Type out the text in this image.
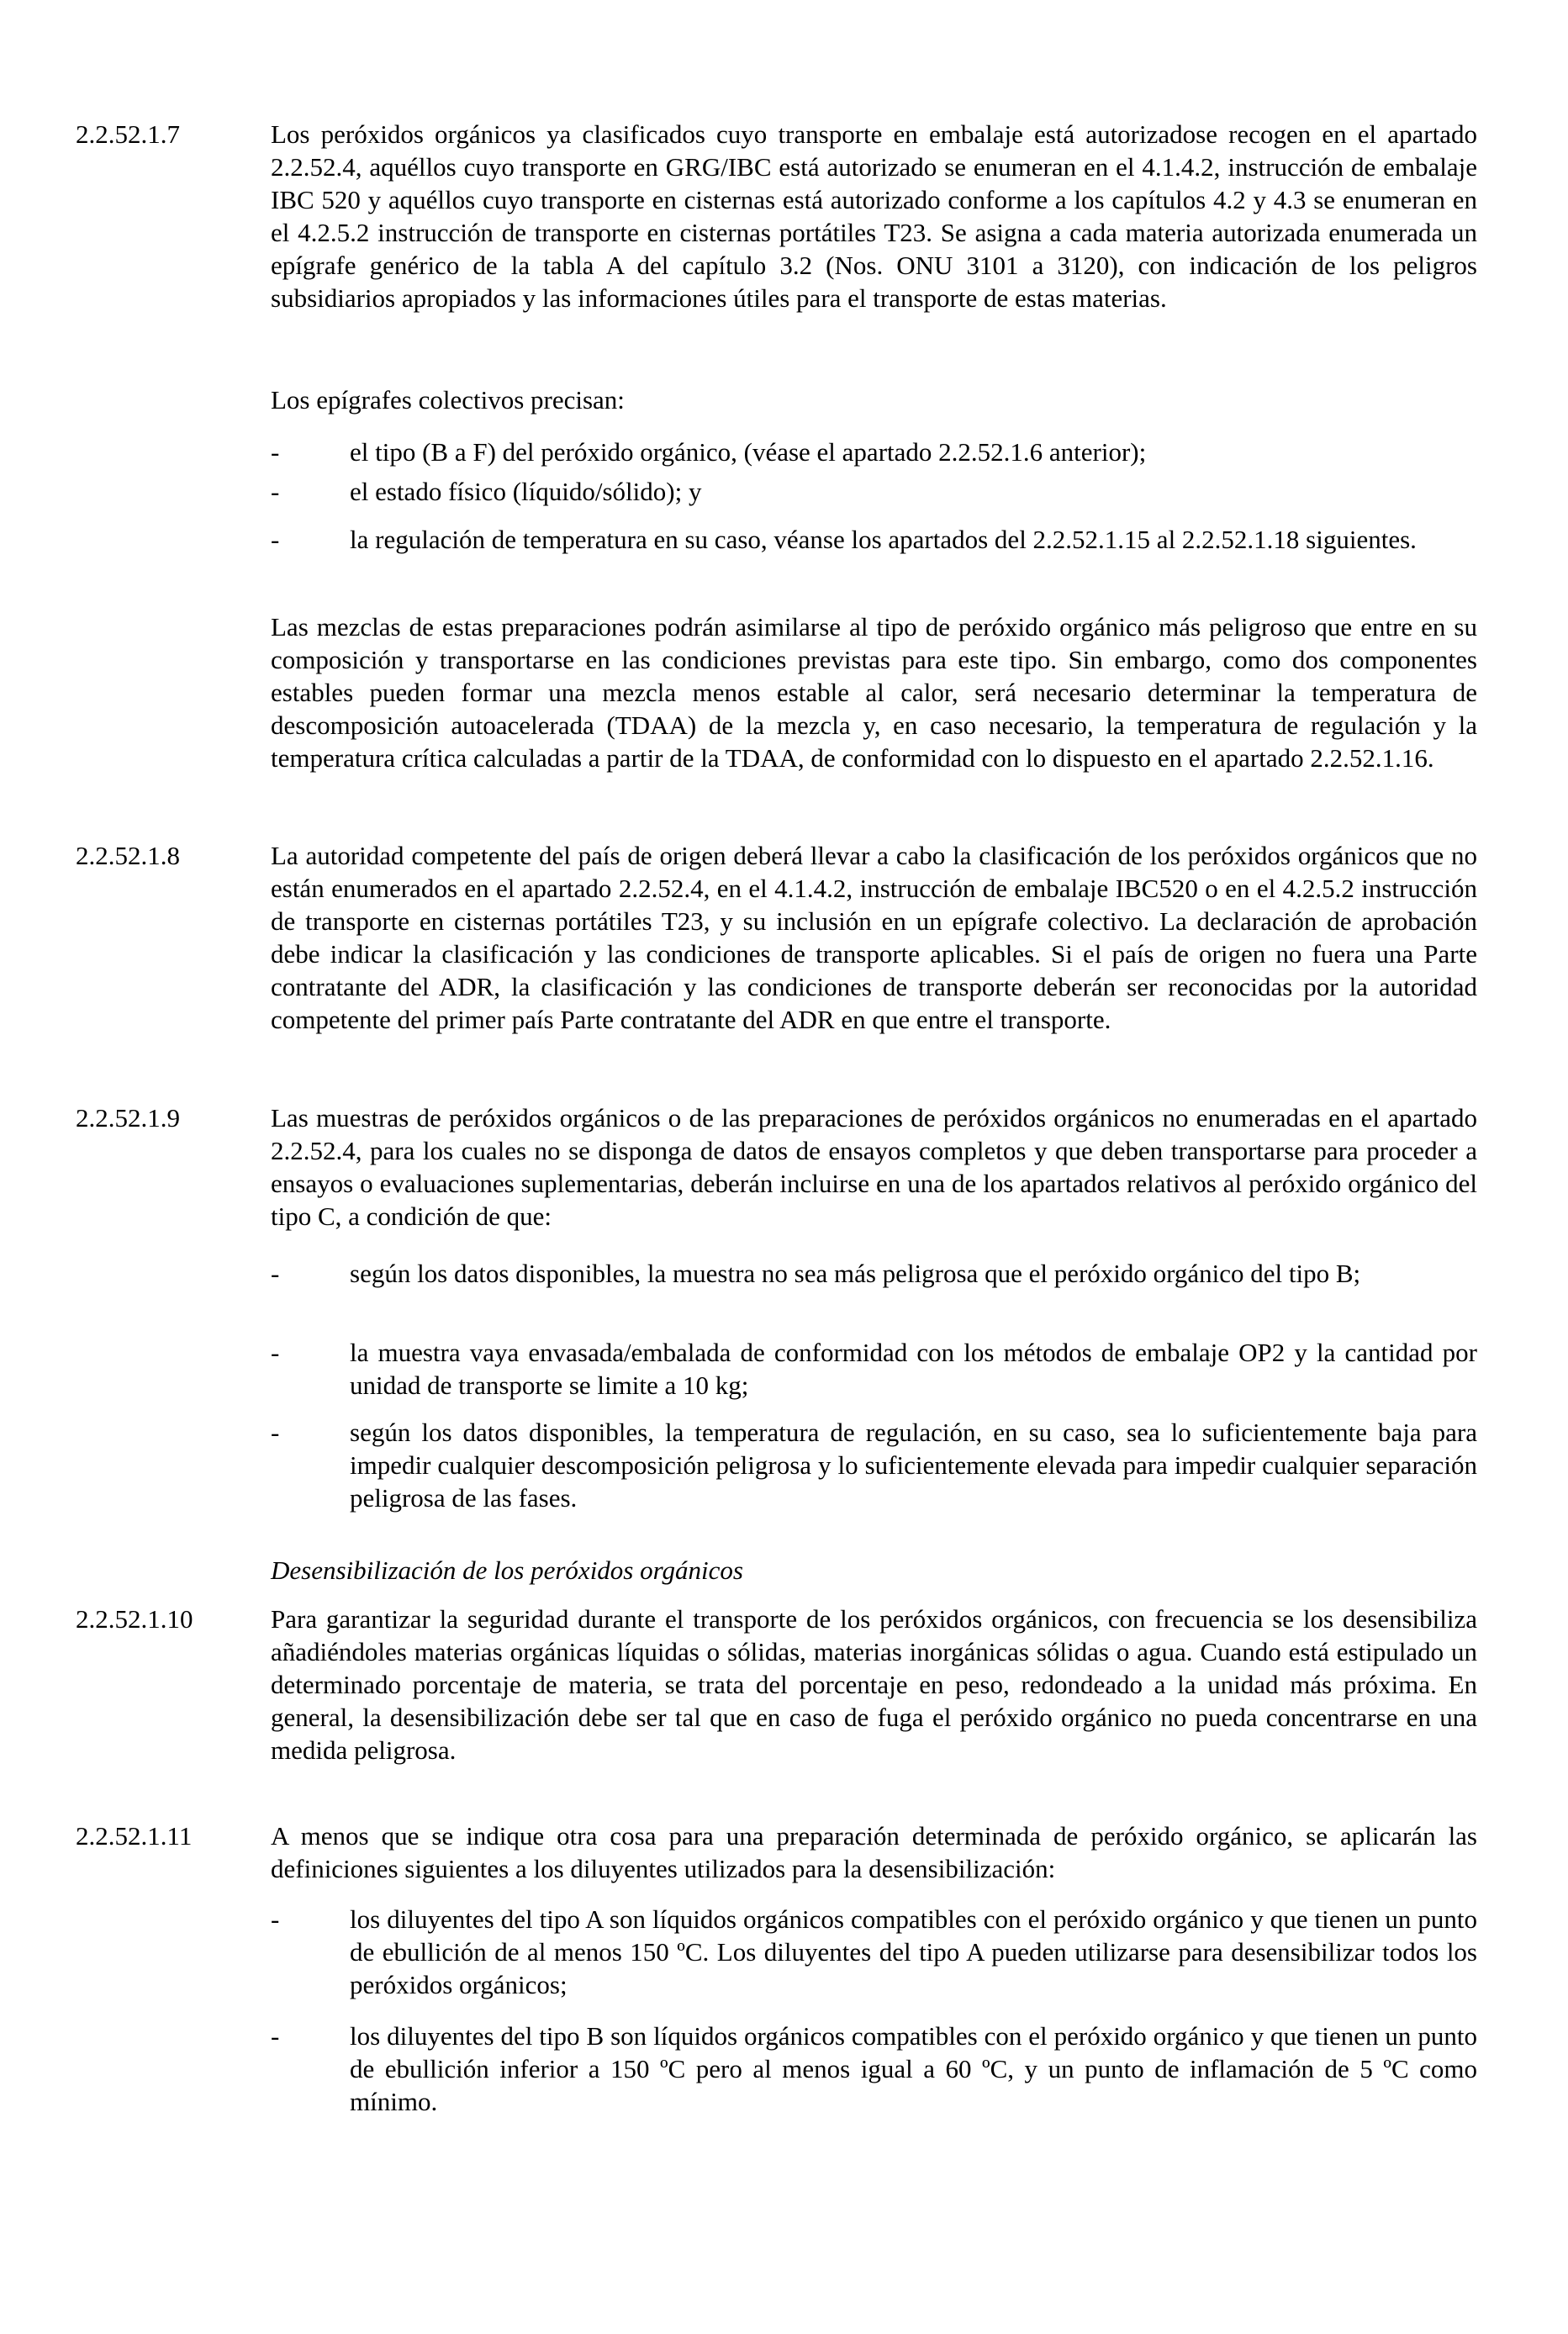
2.2.52.1.7	Los peróxidos orgánicos ya clasificados cuyo transporte en embalaje está autorizadose recogen en el apartado 2.2.52.4, aquéllos cuyo transporte en GRG/IBC está autorizado se enumeran en el 4.1.4.2, instrucción de embalaje IBC 520 y aquéllos cuyo transporte en cisternas está autorizado conforme a los capítulos 4.2 y 4.3 se enumeran en el 4.2.5.2 instrucción de transporte en cisternas portátiles T23. Se asigna a cada materia autorizada enumerada un epígrafe genérico de la tabla A del capítulo 3.2 (Nos. ONU 3101 a 3120), con indicación de los peligros subsidiarios apropiados y las informaciones útiles para el transporte de estas materias.
Los epígrafes colectivos precisan:
-	el tipo (B a F) del peróxido orgánico, (véase el apartado 2.2.52.1.6 anterior);
-	el estado físico (líquido/sólido); y
-	la regulación de temperatura en su caso, véanse los apartados del 2.2.52.1.15 al 2.2.52.1.18 siguientes.
Las mezclas de estas preparaciones podrán asimilarse al tipo de peróxido orgánico más peligroso que entre en su composición y transportarse en las condiciones previstas para este tipo. Sin embargo, como dos componentes estables pueden formar una mezcla menos estable al calor, será necesario determinar la temperatura de descomposición autoacelerada (TDAA) de la mezcla y, en caso necesario, la temperatura de regulación y la temperatura crítica calculadas a partir de la TDAA, de conformidad con lo dispuesto en el apartado 2.2.52.1.16.
2.2.52.1.8	La autoridad competente del país de origen deberá llevar a cabo la clasificación de los peróxidos orgánicos que no están enumerados en el apartado 2.2.52.4, en el 4.1.4.2, instrucción de embalaje IBC520 o en el 4.2.5.2 instrucción de transporte en cisternas portátiles T23, y su inclusión en un epígrafe colectivo. La declaración de aprobación debe indicar la clasificación y las condiciones de transporte aplicables. Si el país de origen no fuera una Parte contratante del ADR, la clasificación y las condiciones de transporte deberán ser reconocidas por la autoridad competente del primer país Parte contratante del ADR en que entre el transporte.
2.2.52.1.9	Las muestras de peróxidos orgánicos o de las preparaciones de peróxidos orgánicos no enumeradas en el apartado 2.2.52.4, para los cuales no se disponga de datos de ensayos completos y que deben transportarse para proceder a ensayos o evaluaciones suplementarias, deberán incluirse en una de los apartados relativos al peróxido orgánico del tipo C, a condición de que:
-	según los datos disponibles, la muestra no sea más peligrosa que el peróxido orgánico del tipo B;
-	la muestra vaya envasada/embalada de conformidad con los métodos de embalaje OP2 y la cantidad por unidad de transporte se limite a 10 kg;
-	según los datos disponibles, la temperatura de regulación, en su caso, sea lo suficientemente baja para impedir cualquier descomposición peligrosa y lo suficientemente elevada para impedir cualquier separación peligrosa de las fases.
Desensibilización de los peróxidos orgánicos
2.2.52.1.10	Para garantizar la seguridad durante el transporte de los peróxidos orgánicos, con frecuencia se los desensibiliza añadiéndoles materias orgánicas líquidas o sólidas, materias inorgánicas sólidas o agua. Cuando está estipulado un determinado porcentaje de materia, se trata del porcentaje en peso, redondeado a la unidad más próxima. En general, la desensibilización debe ser tal que en caso de fuga el peróxido orgánico no pueda concentrarse en una medida peligrosa.
2.2.52.1.11	A menos que se indique otra cosa para una preparación determinada de peróxido orgánico, se aplicarán las definiciones siguientes a los diluyentes utilizados para la desensibilización:
-	los diluyentes del tipo A son líquidos orgánicos compatibles con el peróxido orgánico y que tienen un punto de ebullición de al menos 150 ºC. Los diluyentes del tipo A pueden utilizarse para desensibilizar todos los peróxidos orgánicos;
-	los diluyentes del tipo B son líquidos orgánicos compatibles con el peróxido orgánico y que tienen un punto de ebullición inferior a 150 ºC pero al menos igual a 60 ºC, y un punto de inflamación de 5 ºC como mínimo.
